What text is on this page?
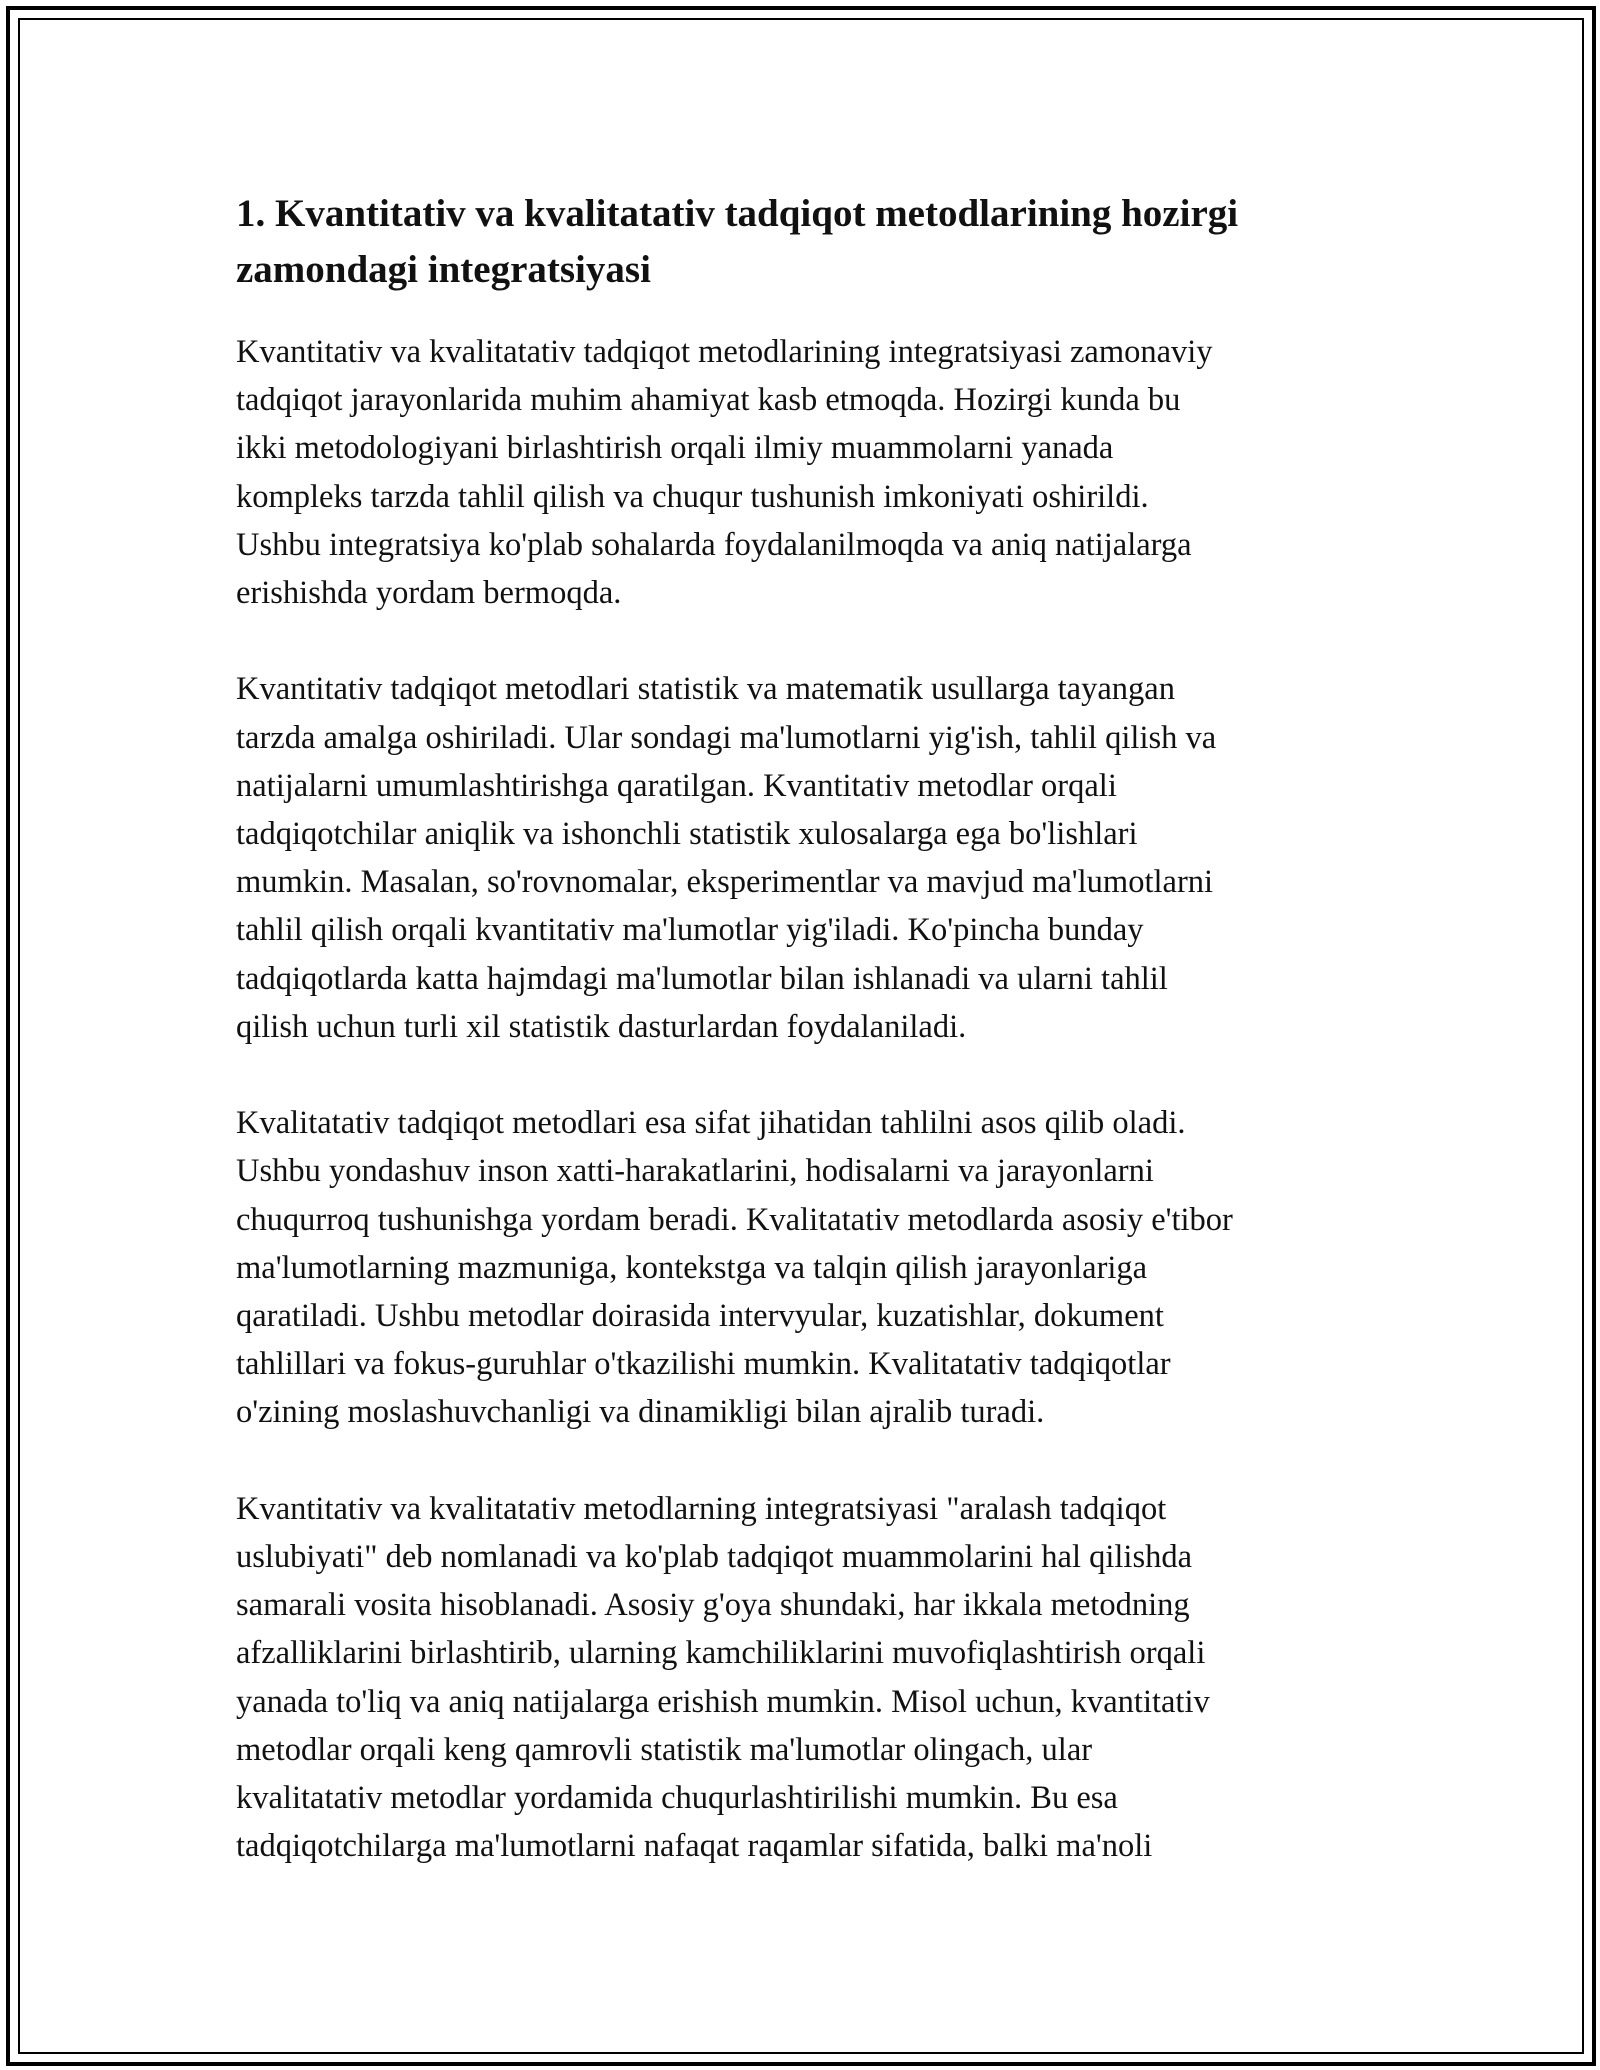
1. Kvantitativ va kvalitatativ tadqiqot metodlarining hozirgi
zamondagi integratsiyasi

Kvantitativ va kvalitatativ tadqiqot metodlarining integratsiyasi zamonaviy
tadqiqot jarayonlarida muhim ahamiyat kasb etmoqda. Hozirgi kunda bu
ikki metodologiyani birlashtirish orqali ilmiy muammolarni yanada
kompleks tarzda tahlil qilish va chuqur tushunish imkoniyati oshirildi.
Ushbu integratsiya ko'plab sohalarda foydalanilmoqda va aniq natijalarga
erishishda yordam bermoqda.

Kvantitativ tadqiqot metodlari statistik va matematik usullarga tayangan
tarzda amalga oshiriladi. Ular sondagi ma'lumotlarni yig'ish, tahlil qilish va
natijalarni umumlashtirishga qaratilgan. Kvantitativ metodlar orqali
tadqiqotchilar aniqlik va ishonchli statistik xulosalarga ega bo'lishlari
mumkin. Masalan, so'rovnomalar, eksperimentlar va mavjud ma'lumotlarni
tahlil qilish orqali kvantitativ ma'lumotlar yig'iladi. Ko'pincha bunday
tadqiqotlarda katta hajmdagi ma'lumotlar bilan ishlanadi va ularni tahlil
qilish uchun turli xil statistik dasturlardan foydalaniladi.

Kvalitatativ tadqiqot metodlari esa sifat jihatidan tahlilni asos qilib oladi.
Ushbu yondashuv inson xatti-harakatlarini, hodisalarni va jarayonlarni
chuqurroq tushunishga yordam beradi. Kvalitatativ metodlarda asosiy e'tibor
ma'lumotlarning mazmuniga, kontekstga va talqin qilish jarayonlariga
qaratiladi. Ushbu metodlar doirasida intervyular, kuzatishlar, dokument
tahlillari va fokus-guruhlar o'tkazilishi mumkin. Kvalitatativ tadqiqotlar
o'zining moslashuvchanligi va dinamikligi bilan ajralib turadi.

Kvantitativ va kvalitatativ metodlarning integratsiyasi "aralash tadqiqot
uslubiyati" deb nomlanadi va ko'plab tadqiqot muammolarini hal qilishda
samarali vosita hisoblanadi. Asosiy g'oya shundaki, har ikkala metodning
afzalliklarini birlashtirib, ularning kamchiliklarini muvofiqlashtirish orqali
yanada to'liq va aniq natijalarga erishish mumkin. Misol uchun, kvantitativ
metodlar orqali keng qamrovli statistik ma'lumotlar olingach, ular
kvalitatativ metodlar yordamida chuqurlashtirilishi mumkin. Bu esa
tadqiqotchilarga ma'lumotlarni nafaqat raqamlar sifatida, balki ma'noli
